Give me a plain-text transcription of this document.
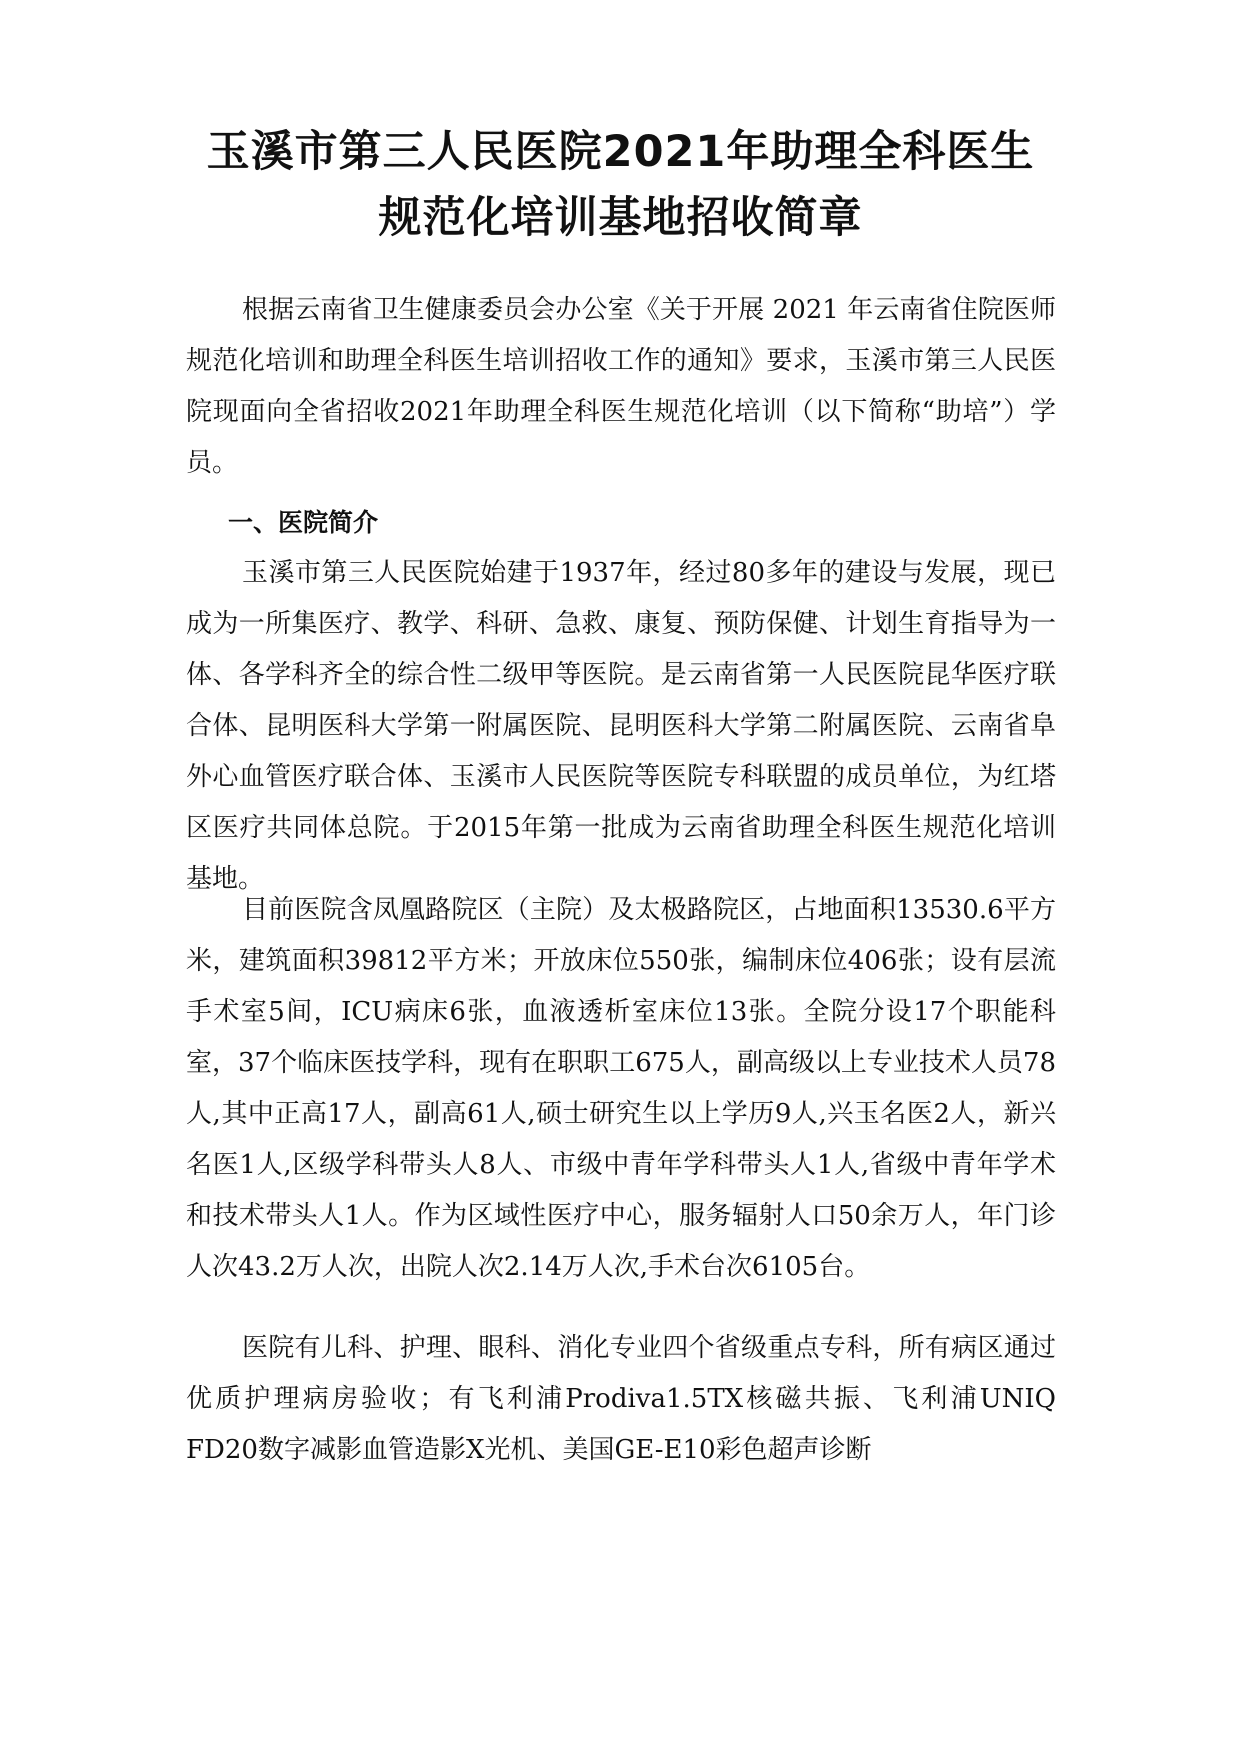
玉溪市第三人民医院2021年助理全科医生
规范化培训基地招收简章

根据云南省卫生健康委员会办公室《关于开展 2021 年云南省住院医师规范化培训和助理全科医生培训招收工作的通知》要求，玉溪市第三人民医院现面向全省招收2021年助理全科医生规范化培训（以下简称“助培”）学员。

一、医院简介

玉溪市第三人民医院始建于1937年，经过80多年的建设与发展，现已成为一所集医疗、教学、科研、急救、康复、预防保健、计划生育指导为一体、各学科齐全的综合性二级甲等医院。是云南省第一人民医院昆华医疗联合体、昆明医科大学第一附属医院、昆明医科大学第二附属医院、云南省阜外心血管医疗联合体、玉溪市人民医院等医院专科联盟的成员单位，为红塔区医疗共同体总院。于2015年第一批成为云南省助理全科医生规范化培训基地。

目前医院含凤凰路院区（主院）及太极路院区，占地面积13530.6平方米，建筑面积39812平方米；开放床位550张，编制床位406张；设有层流手术室5间，ICU病床6张，血液透析室床位13张。全院分设17个职能科室，37个临床医技学科，现有在职职工675人，副高级以上专业技术人员78人,其中正高17人，副高61人,硕士研究生以上学历9人,兴玉名医2人，新兴名医1人,区级学科带头人8人、市级中青年学科带头人1人,省级中青年学术和技术带头人1人。作为区域性医疗中心，服务辐射人口50余万人，年门诊人次43.2万人次，出院人次2.14万人次,手术台次6105台。

医院有儿科、护理、眼科、消化专业四个省级重点专科，所有病区通过优质护理病房验收；有飞利浦Prodiva1.5TX核磁共振、飞利浦UNIQ FD20数字减影血管造影X光机、美国GE-E10彩色超声诊断
